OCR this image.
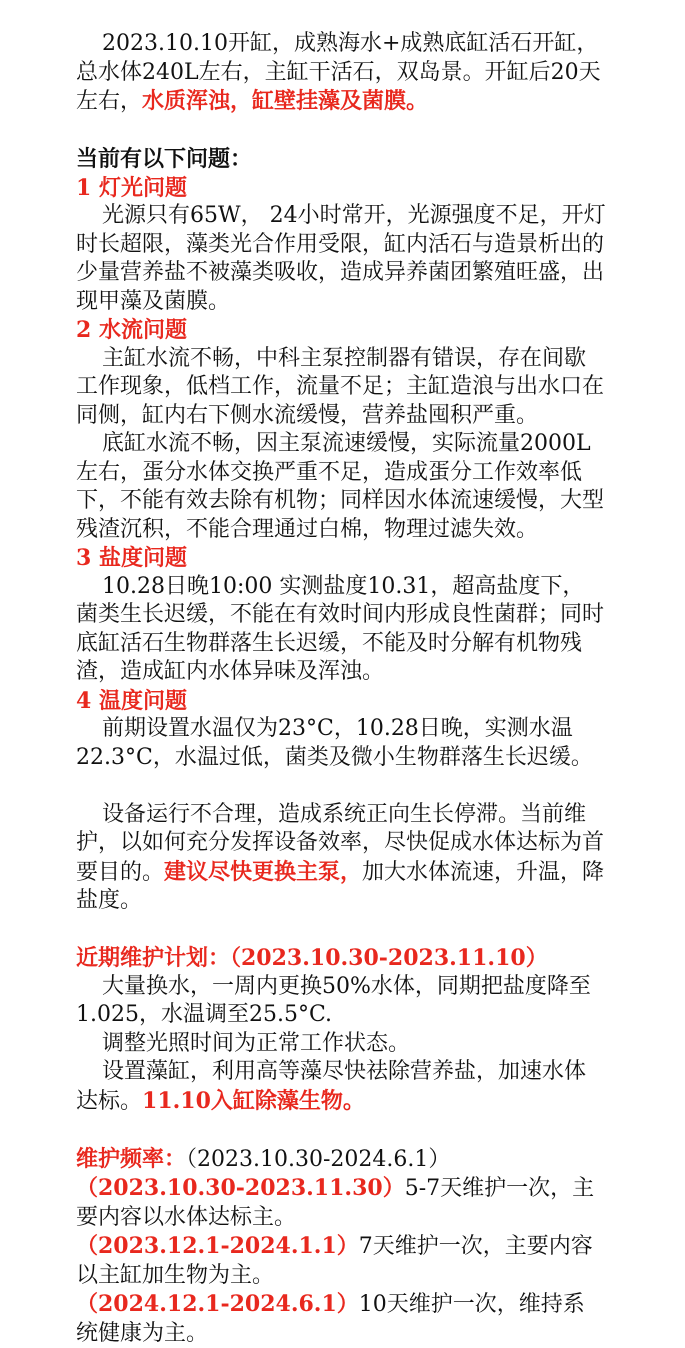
2023.10.10开缸，成熟海水+成熟底缸活石开缸，总水体240L左右，主缸干活石，双岛景。开缸后20天左右，水质浑浊，缸壁挂藻及菌膜。

当前有以下问题：

1 灯光问题

光源只有65W， 24小时常开，光源强度不足，开灯时长超限，藻类光合作用受限，缸内活石与造景析出的少量营养盐不被藻类吸收，造成异养菌团繁殖旺盛，出现甲藻及菌膜。

2 水流问题

主缸水流不畅，中科主泵控制器有错误，存在间歇工作现象，低档工作，流量不足；主缸造浪与出水口在同侧，缸内右下侧水流缓慢，营养盐囤积严重。

底缸水流不畅，因主泵流速缓慢，实际流量2000L左右，蛋分水体交换严重不足，造成蛋分工作效率低下，不能有效去除有机物；同样因水体流速缓慢，大型残渣沉积，不能合理通过白棉，物理过滤失效。

3 盐度问题

10.28日晚10:00 实测盐度10.31，超高盐度下，菌类生长迟缓，不能在有效时间内形成良性菌群；同时底缸活石生物群落生长迟缓，不能及时分解有机物残渣，造成缸内水体异味及浑浊。

4 温度问题

前期设置水温仅为23°C，10.28日晚，实测水温22.3°C，水温过低，菌类及微小生物群落生长迟缓。

设备运行不合理，造成系统正向生长停滞。当前维护，以如何充分发挥设备效率，尽快促成水体达标为首要目的。建议尽快更换主泵，加大水体流速，升温，降盐度。

近期维护计划：（2023.10.30-2023.11.10）

大量换水，一周内更换50%水体，同期把盐度降至1.025，水温调至25.5°C.

调整光照时间为正常工作状态。

设置藻缸，利用高等藻尽快祛除营养盐，加速水体达标。11.10入缸除藻生物。

维护频率：（2023.10.30-2024.6.1）

（2023.10.30-2023.11.30）5-7天维护一次，主要内容以水体达标主。

（2023.12.1-2024.1.1）7天维护一次，主要内容以主缸加生物为主。

（2024.12.1-2024.6.1）10天维护一次，维持系统健康为主。
